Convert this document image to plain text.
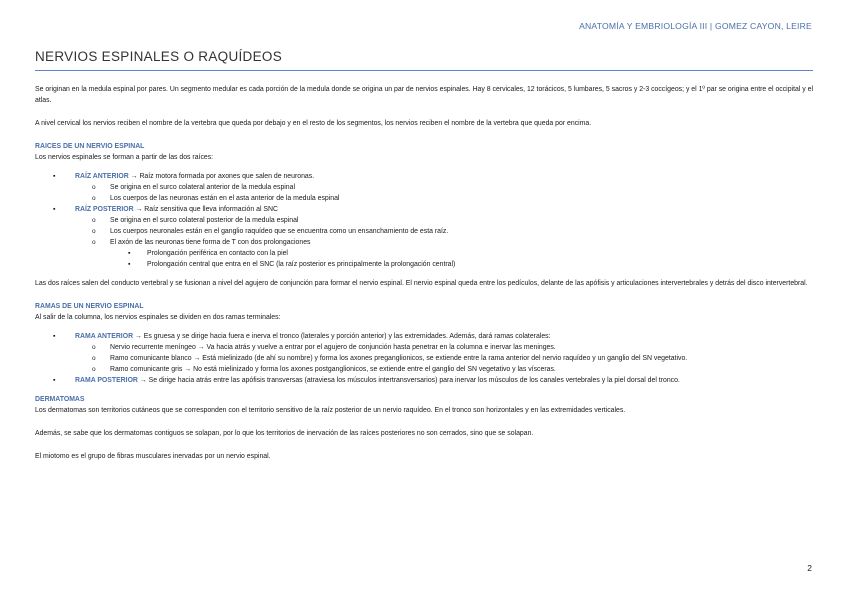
ANATOMÍA Y EMBRIOLOGÍA III | GOMEZ CAYON, LEIRE
NERVIOS ESPINALES O RAQUÍDEOS

Se originan en la medula espinal por pares. Un segmento medular es cada porción de la medula donde se origina un par de nervios espinales. Hay 8 cervicales, 12 torácicos, 5 lumbares, 5 sacros y 2-3 coccígeos; y el 1º par se origina entre el occipital y el atlas.

A nivel cervical los nervios reciben el nombre de la vertebra que queda por debajo y en el resto de los segmentos, los nervios reciben el nombre de la vertebra que queda por encima.

RAICES DE UN NERVIO ESPINAL

Los nervios espinales se forman a partir de las dos raíces:

▪ RAÍZ ANTERIOR → Raíz motora formada por axones que salen de neuronas.
o Se origina en el surco colateral anterior de la medula espinal
o Los cuerpos de las neuronas están en el asta anterior de la medula espinal
▪ RAÍZ POSTERIOR → Raíz sensitiva que lleva información al SNC
o Se origina en el surco colateral posterior de la medula espinal
o Los cuerpos neuronales están en el ganglio raquídeo que se encuentra como un ensanchamiento de esta raíz.
o El axón de las neuronas tiene forma de T con dos prolongaciones
▪ Prolongación periférica en contacto con la piel
▪ Prolongación central que entra en el SNC (la raíz posterior es principalmente la prolongación central)

Las dos raíces salen del conducto vertebral y se fusionan a nivel del agujero de conjunción para formar el nervio espinal. El nervio espinal queda entre los pedículos, delante de las apófisis y articulaciones intervertebrales y detrás del disco intervertebral.

RAMAS DE UN NERVIO ESPINAL

Al salir de la columna, los nervios espinales se dividen en dos ramas terminales:

▪ RAMA ANTERIOR → Es gruesa y se dirige hacia fuera e inerva el tronco (laterales y porción anterior) y las extremidades. Además, dará ramas colaterales:
o Nervio recurrente meníngeo → Va hacia atrás y vuelve a entrar por el agujero de conjunción hasta penetrar en la columna e inervar las meninges.
o Ramo comunicante blanco → Está mielinizado (de ahí su nombre) y forma los axones preganglionicos, se extiende entre la rama anterior del nervio raquídeo y un ganglio del SN vegetativo.
o Ramo comunicante gris → No está mielinizado y forma los axones postganglionicos, se extiende entre el ganglio del SN vegetativo y las vísceras.
▪ RAMA POSTERIOR → Se dirige hacia atrás entre las apófisis transversas (atraviesa los músculos intertransversarios) para inervar los músculos de los canales vertebrales y la piel dorsal del tronco.

DERMATOMAS

Los dermatomas son territorios cutáneos que se corresponden con el territorio sensitivo de la raíz posterior de un nervio raquídeo. En el tronco son horizontales y en las extremidades verticales.

Además, se sabe que los dermatomas contiguos se solapan, por lo que los territorios de inervación de las raíces posteriores no son cerrados, sino que se solapan.

El miotomo es el grupo de fibras musculares inervadas por un nervio espinal.

2
